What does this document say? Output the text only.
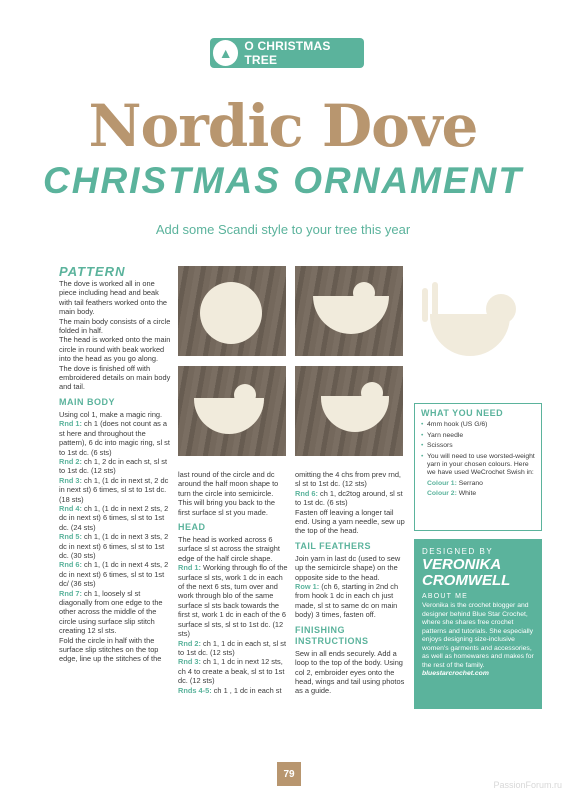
▲ O CHRISTMAS TREE
Nordic Dove
CHRISTMAS ORNAMENT
Add some Scandi style to your tree this year
PATTERN

The dove is worked all in one piece including head and beak with tail feathers worked onto the main body.

The main body consists of a circle folded in half.

The head is worked onto the main circle in round with beak worked into the head as you go along.

The dove is finished off with embroidered details on main body and tail.

MAIN BODY

Using col 1, make a magic ring.

Rnd 1: ch 1 (does not count as a st here and throughout the pattern), 6 dc into magic ring, sl st to 1st dc. (6 sts)

Rnd 2: ch 1, 2 dc in each st, sl st to 1st dc. (12 sts)

Rnd 3: ch 1, (1 dc in next st, 2 dc in next st) 6 times, sl st to 1st dc. (18 sts)

Rnd 4: ch 1, (1 dc in next 2 sts, 2 dc in next st) 6 times, sl st to 1st dc. (24 sts)

Rnd 5: ch 1, (1 dc in next 3 sts, 2 dc in next st) 6 times, sl st to 1st dc. (30 sts)

Rnd 6: ch 1, (1 dc in next 4 sts, 2 dc in next st) 6 times, sl st to 1st dc/ (36 sts)

Rnd 7: ch 1, loosely sl st diagonally from one edge to the other across the middle of the circle using surface slip stitch creating 12 sl sts.

Fold the circle in half with the surface slip stitches on the top edge, line up the stitches of the

last round of the circle and dc around the half moon shape to turn the circle into semicircle. This will bring you back to the first surface sl st you made.

HEAD

The head is worked across 6 surface sl st across the straight edge of the half circle shape.

Rnd 1: Working through flo of the surface sl sts, work 1 dc in each of the next 6 sts, turn over and work through blo of the same surface sl sts back towards the first st, work 1 dc in each of the 6 surface sl sts, sl st to 1st dc. (12 sts)

Rnd 2: ch 1, 1 dc in each st, sl st to 1st dc. (12 sts)

Rnd 3: ch 1, 1 dc in next 12 sts, ch 4 to create a beak, sl st to 1st dc. (12 sts)

Rnds 4-5: ch 1 , 1 dc in each st

omitting the 4 chs from prev rnd, sl st to 1st dc. (12 sts)

Rnd 6: ch 1, dc2tog around, sl st to 1st dc. (6 sts)

Fasten off leaving a longer tail end. Using a yarn needle, sew up the top of the head.

TAIL FEATHERS

Join yarn in last dc (used to sew up the semicircle shape) on the opposite side to the head.

Row 1: (ch 6, starting in 2nd ch from hook 1 dc in each ch just made, sl st to same dc on main body) 3 times, fasten off.

FINISHING INSTRUCTIONS

Sew in all ends securely. Add a loop to the top of the body. Using col 2, embroider eyes onto the head, wings and tail using photos as a guide.

WHAT YOU NEED
• 4mm hook (US G/6)
• Yarn needle
• Scissors
• You will need to use worsted-weight yarn in your chosen colours. Here we have used WeCrochet Swish in:

Colour 1: Serrano

Colour 2: White

DESIGNED BY
VERONIKA CROMWELL
ABOUT ME
Veronika is the crochet blogger and designer behind Blue Star Crochet, where she shares free crochet patterns and tutorials. She especially enjoys designing size-inclusive women's garments and accessories, as well as homewares and makes for the rest of the family.
bluestarcrochet.com
79
PassionForum.ru
